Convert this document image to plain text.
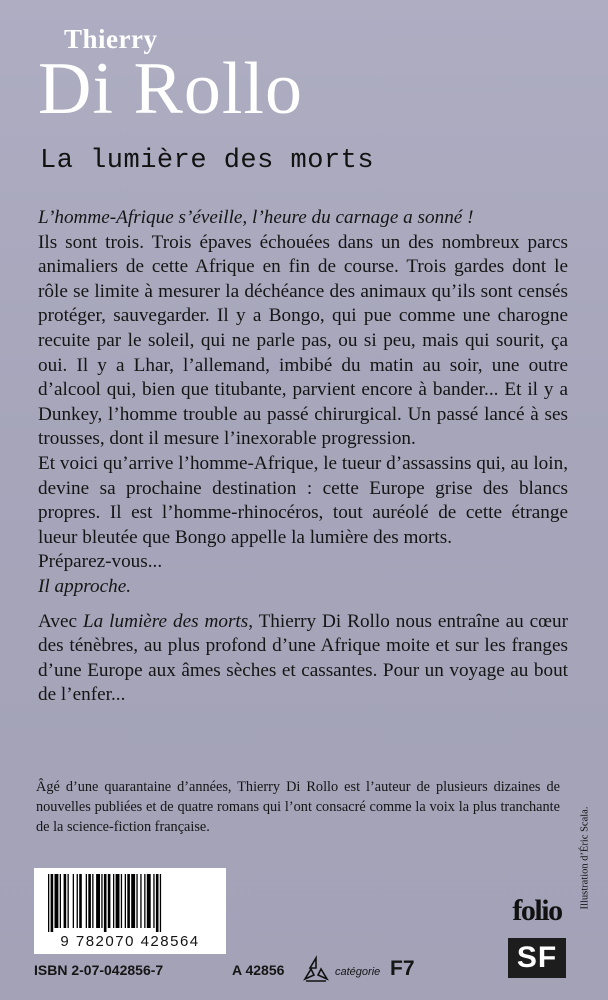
Thierry
Di Rollo
La lumière des morts

L’homme-Afrique s’éveille, l’heure du carnage a sonné !

Ils sont trois. Trois épaves échouées dans un des nombreux parcs animaliers de cette Afrique en fin de course. Trois gardes dont le rôle se limite à mesurer la déchéance des animaux qu’ils sont censés protéger, sauvegarder. Il y a Bongo, qui pue comme une charogne recuite par le soleil, qui ne parle pas, ou si peu, mais qui sourit, ça oui. Il y a Lhar, l’allemand, imbibé du matin au soir, une outre d’alcool qui, bien que titubante, parvient encore à bander... Et il y a Dunkey, l’homme trouble au passé chirurgical. Un passé lancé à ses trousses, dont il mesure l’inexorable progression.

Et voici qu’arrive l’homme-Afrique, le tueur d’assassins qui, au loin, devine sa prochaine destination : cette Europe grise des blancs propres. Il est l’homme-rhinocéros, tout auréolé de cette étrange lueur bleutée que Bongo appelle la lumière des morts.

Préparez-vous...

Il approche.

Avec La lumière des morts, Thierry Di Rollo nous entraîne au cœur des ténèbres, au plus profond d’une Afrique moite et sur les franges d’une Europe aux âmes sèches et cassantes. Pour un voyage au bout de l’enfer...

Âgé d’une quarantaine d’années, Thierry Di Rollo est l’auteur de plusieurs dizaines de nouvelles publiées et de quatre romans qui l’ont consacré comme la voix la plus tranchante de la science-fiction française.	Illustration d’Éric Scala.
9 782070 428564
ISBN 2-07-042856-7	A 42856	catégorie F7
folio
SF
